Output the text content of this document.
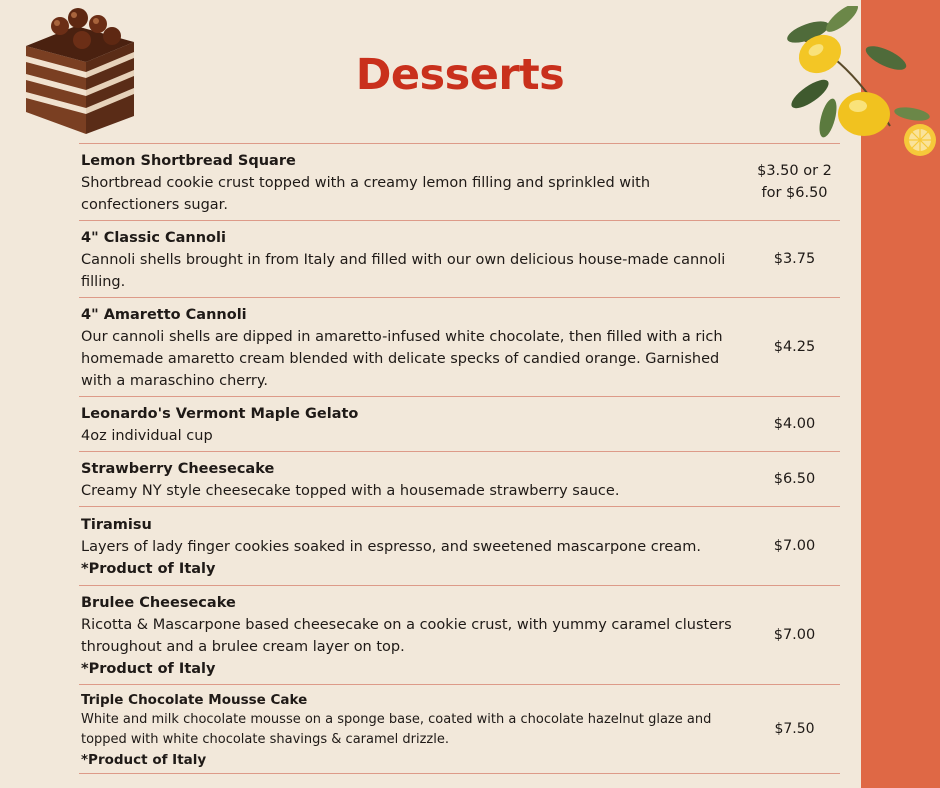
Desserts
Lemon Shortbread Square
Shortbread cookie crust topped with a creamy lemon filling and sprinkled with confectioners sugar.
$3.50 or 2 for $6.50
4" Classic Cannoli
Cannoli shells brought in from Italy and filled with our own delicious house-made cannoli filling.
$3.75
4" Amaretto Cannoli
Our cannoli shells are dipped in amaretto-infused white chocolate, then filled with a rich homemade amaretto cream blended with delicate specks of candied orange. Garnished with a maraschino cherry.
$4.25
Leonardo's Vermont Maple Gelato
4oz individual cup
$4.00
Strawberry Cheesecake
Creamy NY style cheesecake topped with a housemade strawberry sauce.
$6.50
Tiramisu
Layers of lady finger cookies soaked in espresso, and sweetened mascarpone cream.
*Product of Italy
$7.00
Brulee Cheesecake
Ricotta & Mascarpone based cheesecake on a cookie crust, with yummy caramel clusters throughout and a brulee cream layer on top.
*Product of Italy
$7.00
Triple Chocolate Mousse Cake
White and milk chocolate mousse on a sponge base, coated with a chocolate hazelnut glaze and topped with white chocolate shavings & caramel drizzle.
*Product of Italy
$7.50
